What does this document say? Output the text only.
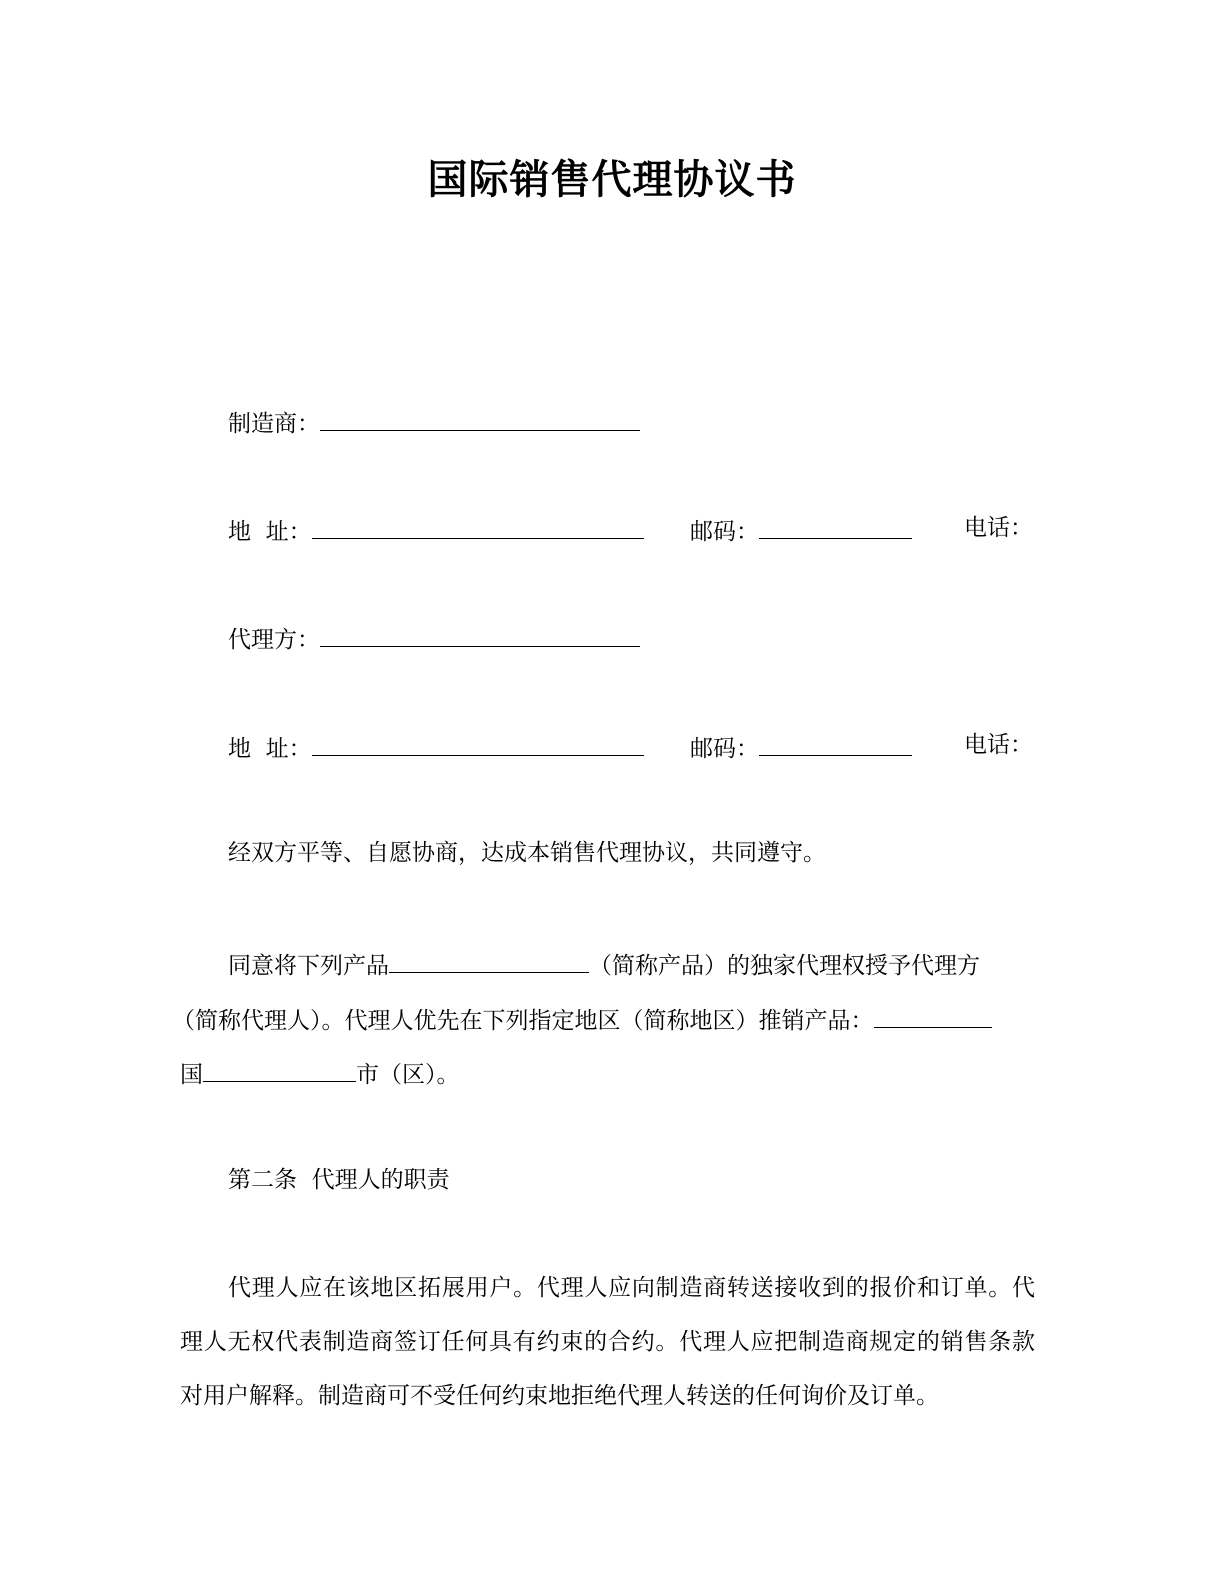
国际销售代理协议书
制造商：
地  址：	邮码：	电话：
代理方：
地  址：	邮码：	电话：
经双方平等、自愿协商，达成本销售代理协议，共同遵守。
同意将下列产品	（简称产品）的独家代理权授予代理方
（简称代理人）。代理人优先在下列指定地区（简称地区）推销产品：
国	市（区）。
第二条  代理人的职责
代理人应在该地区拓展用户。代理人应向制造商转送接收到的报价和订单。代
理人无权代表制造商签订任何具有约束的合约。代理人应把制造商规定的销售条款
对用户解释。制造商可不受任何约束地拒绝代理人转送的任何询价及订单。
